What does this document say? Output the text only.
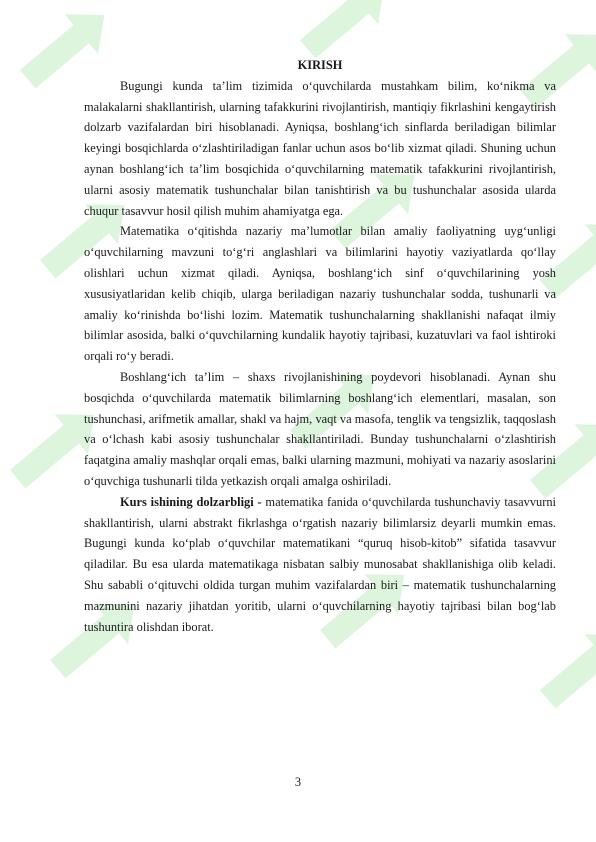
KIRISH

Bugungi kunda ta’lim tizimida o‘quvchilarda mustahkam bilim, ko‘nikma va malakalarni shakllantirish, ularning tafakkurini rivojlantirish, mantiqiy fikrlashini kengaytirish dolzarb vazifalardan biri hisoblanadi. Ayniqsa, boshlang‘ich sinflarda beriladigan bilimlar keyingi bosqichlarda o‘zlashtiriladigan fanlar uchun asos bo‘lib xizmat qiladi. Shuning uchun aynan boshlang‘ich ta’lim bosqichida o‘quvchilarning matematik tafakkurini rivojlantirish, ularni asosiy matematik tushunchalar bilan tanishtirish va bu tushunchalar asosida ularda chuqur tasavvur hosil qilish muhim ahamiyatga ega.

Matematika o‘qitishda nazariy ma’lumotlar bilan amaliy faoliyatning uyg‘unligi o‘quvchilarning mavzuni to‘g‘ri anglashlari va bilimlarini hayotiy vaziyatlarda qo‘llay olishlari uchun xizmat qiladi. Ayniqsa, boshlang‘ich sinf o‘quvchilarining yosh xususiyatlaridan kelib chiqib, ularga beriladigan nazariy tushunchalar sodda, tushunarli va amaliy ko‘rinishda bo‘lishi lozim. Matematik tushunchalarning shakllanishi nafaqat ilmiy bilimlar asosida, balki o‘quvchilarning kundalik hayotiy tajribasi, kuzatuvlari va faol ishtiroki orqali ro‘y beradi.

Boshlang‘ich ta’lim – shaxs rivojlanishining poydevori hisoblanadi. Aynan shu bosqichda o‘quvchilarda matematik bilimlarning boshlang‘ich elementlari, masalan, son tushunchasi, arifmetik amallar, shakl va hajm, vaqt va masofa, tenglik va tengsizlik, taqqoslash va o‘lchash kabi asosiy tushunchalar shakllantiriladi. Bunday tushunchalarni o‘zlashtirish faqatgina amaliy mashqlar orqali emas, balki ularning mazmuni, mohiyati va nazariy asoslarini o‘quvchiga tushunarli tilda yetkazish orqali amalga oshiriladi.

Kurs ishining dolzarbligi - matematika fanida o‘quvchilarda tushunchaviy tasavvurni shakllantirish, ularni abstrakt fikrlashga o‘rgatish nazariy bilimlarsiz deyarli mumkin emas. Bugungi kunda ko‘plab o‘quvchilar matematikani “quruq hisob-kitob” sifatida tasavvur qiladilar. Bu esa ularda matematikaga nisbatan salbiy munosabat shakllanishiga olib keladi. Shu sababli o‘qituvchi oldida turgan muhim vazifalardan biri – matematik tushunchalarning mazmunini nazariy jihatdan yoritib, ularni o‘quvchilarning hayotiy tajribasi bilan bog‘lab tushuntira olishdan iborat.

3
